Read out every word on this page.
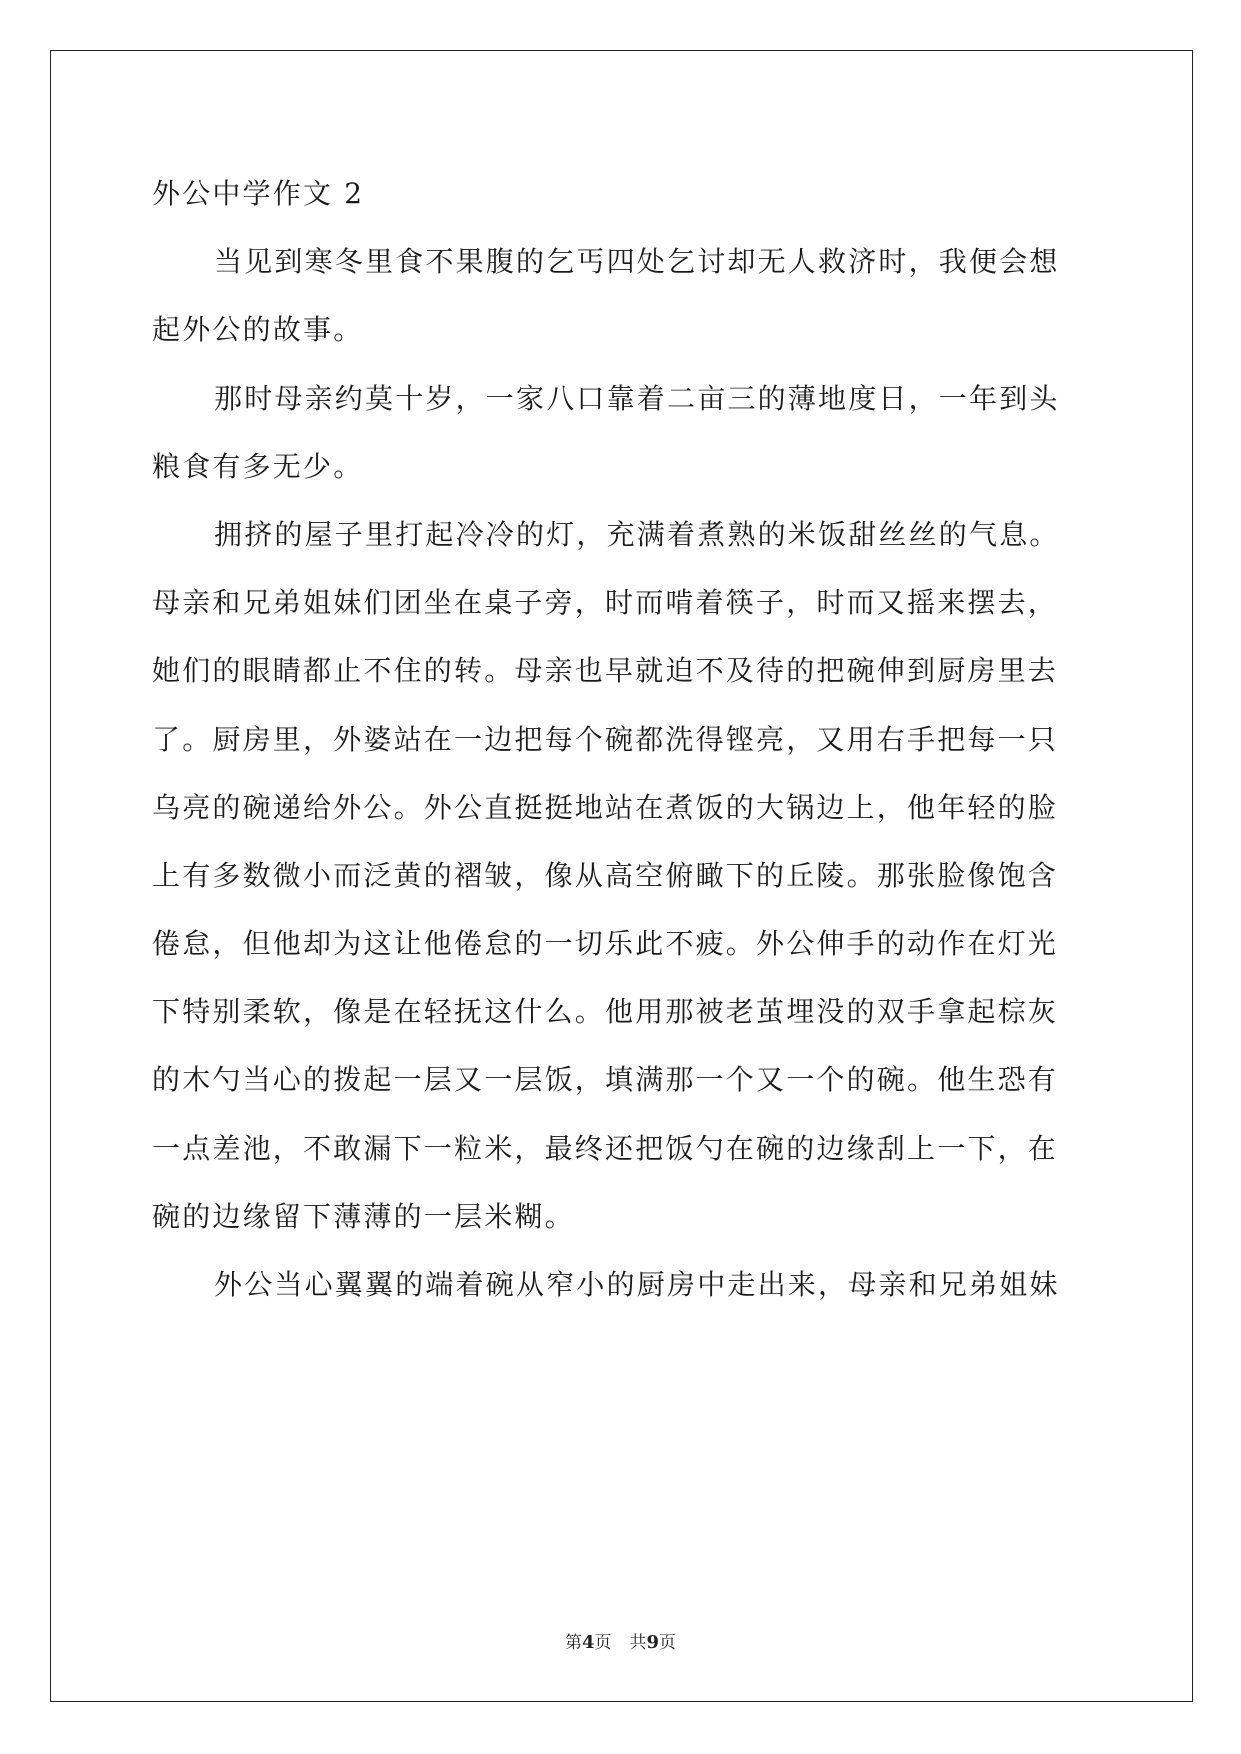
外公中学作文 2
当见到寒冬里食不果腹的乞丐四处乞讨却无人救济时，我便会想
起外公的故事。
那时母亲约莫十岁，一家八口靠着二亩三的薄地度日，一年到头
粮食有多无少。
拥挤的屋子里打起冷冷的灯，充满着煮熟的米饭甜丝丝的气息。
母亲和兄弟姐妹们团坐在桌子旁，时而啃着筷子，时而又摇来摆去，
她们的眼睛都止不住的转。母亲也早就迫不及待的把碗伸到厨房里去
了。厨房里，外婆站在一边把每个碗都洗得铿亮，又用右手把每一只
乌亮的碗递给外公。外公直挺挺地站在煮饭的大锅边上，他年轻的脸
上有多数微小而泛黄的褶皱，像从高空俯瞰下的丘陵。那张脸像饱含
倦怠，但他却为这让他倦怠的一切乐此不疲。外公伸手的动作在灯光
下特别柔软，像是在轻抚这什么。他用那被老茧埋没的双手拿起棕灰
的木勺当心的拨起一层又一层饭，填满那一个又一个的碗。他生恐有
一点差池，不敢漏下一粒米，最终还把饭勺在碗的边缘刮上一下，在
碗的边缘留下薄薄的一层米糊。
外公当心翼翼的端着碗从窄小的厨房中走出来，母亲和兄弟姐妹
第4页 共9页
